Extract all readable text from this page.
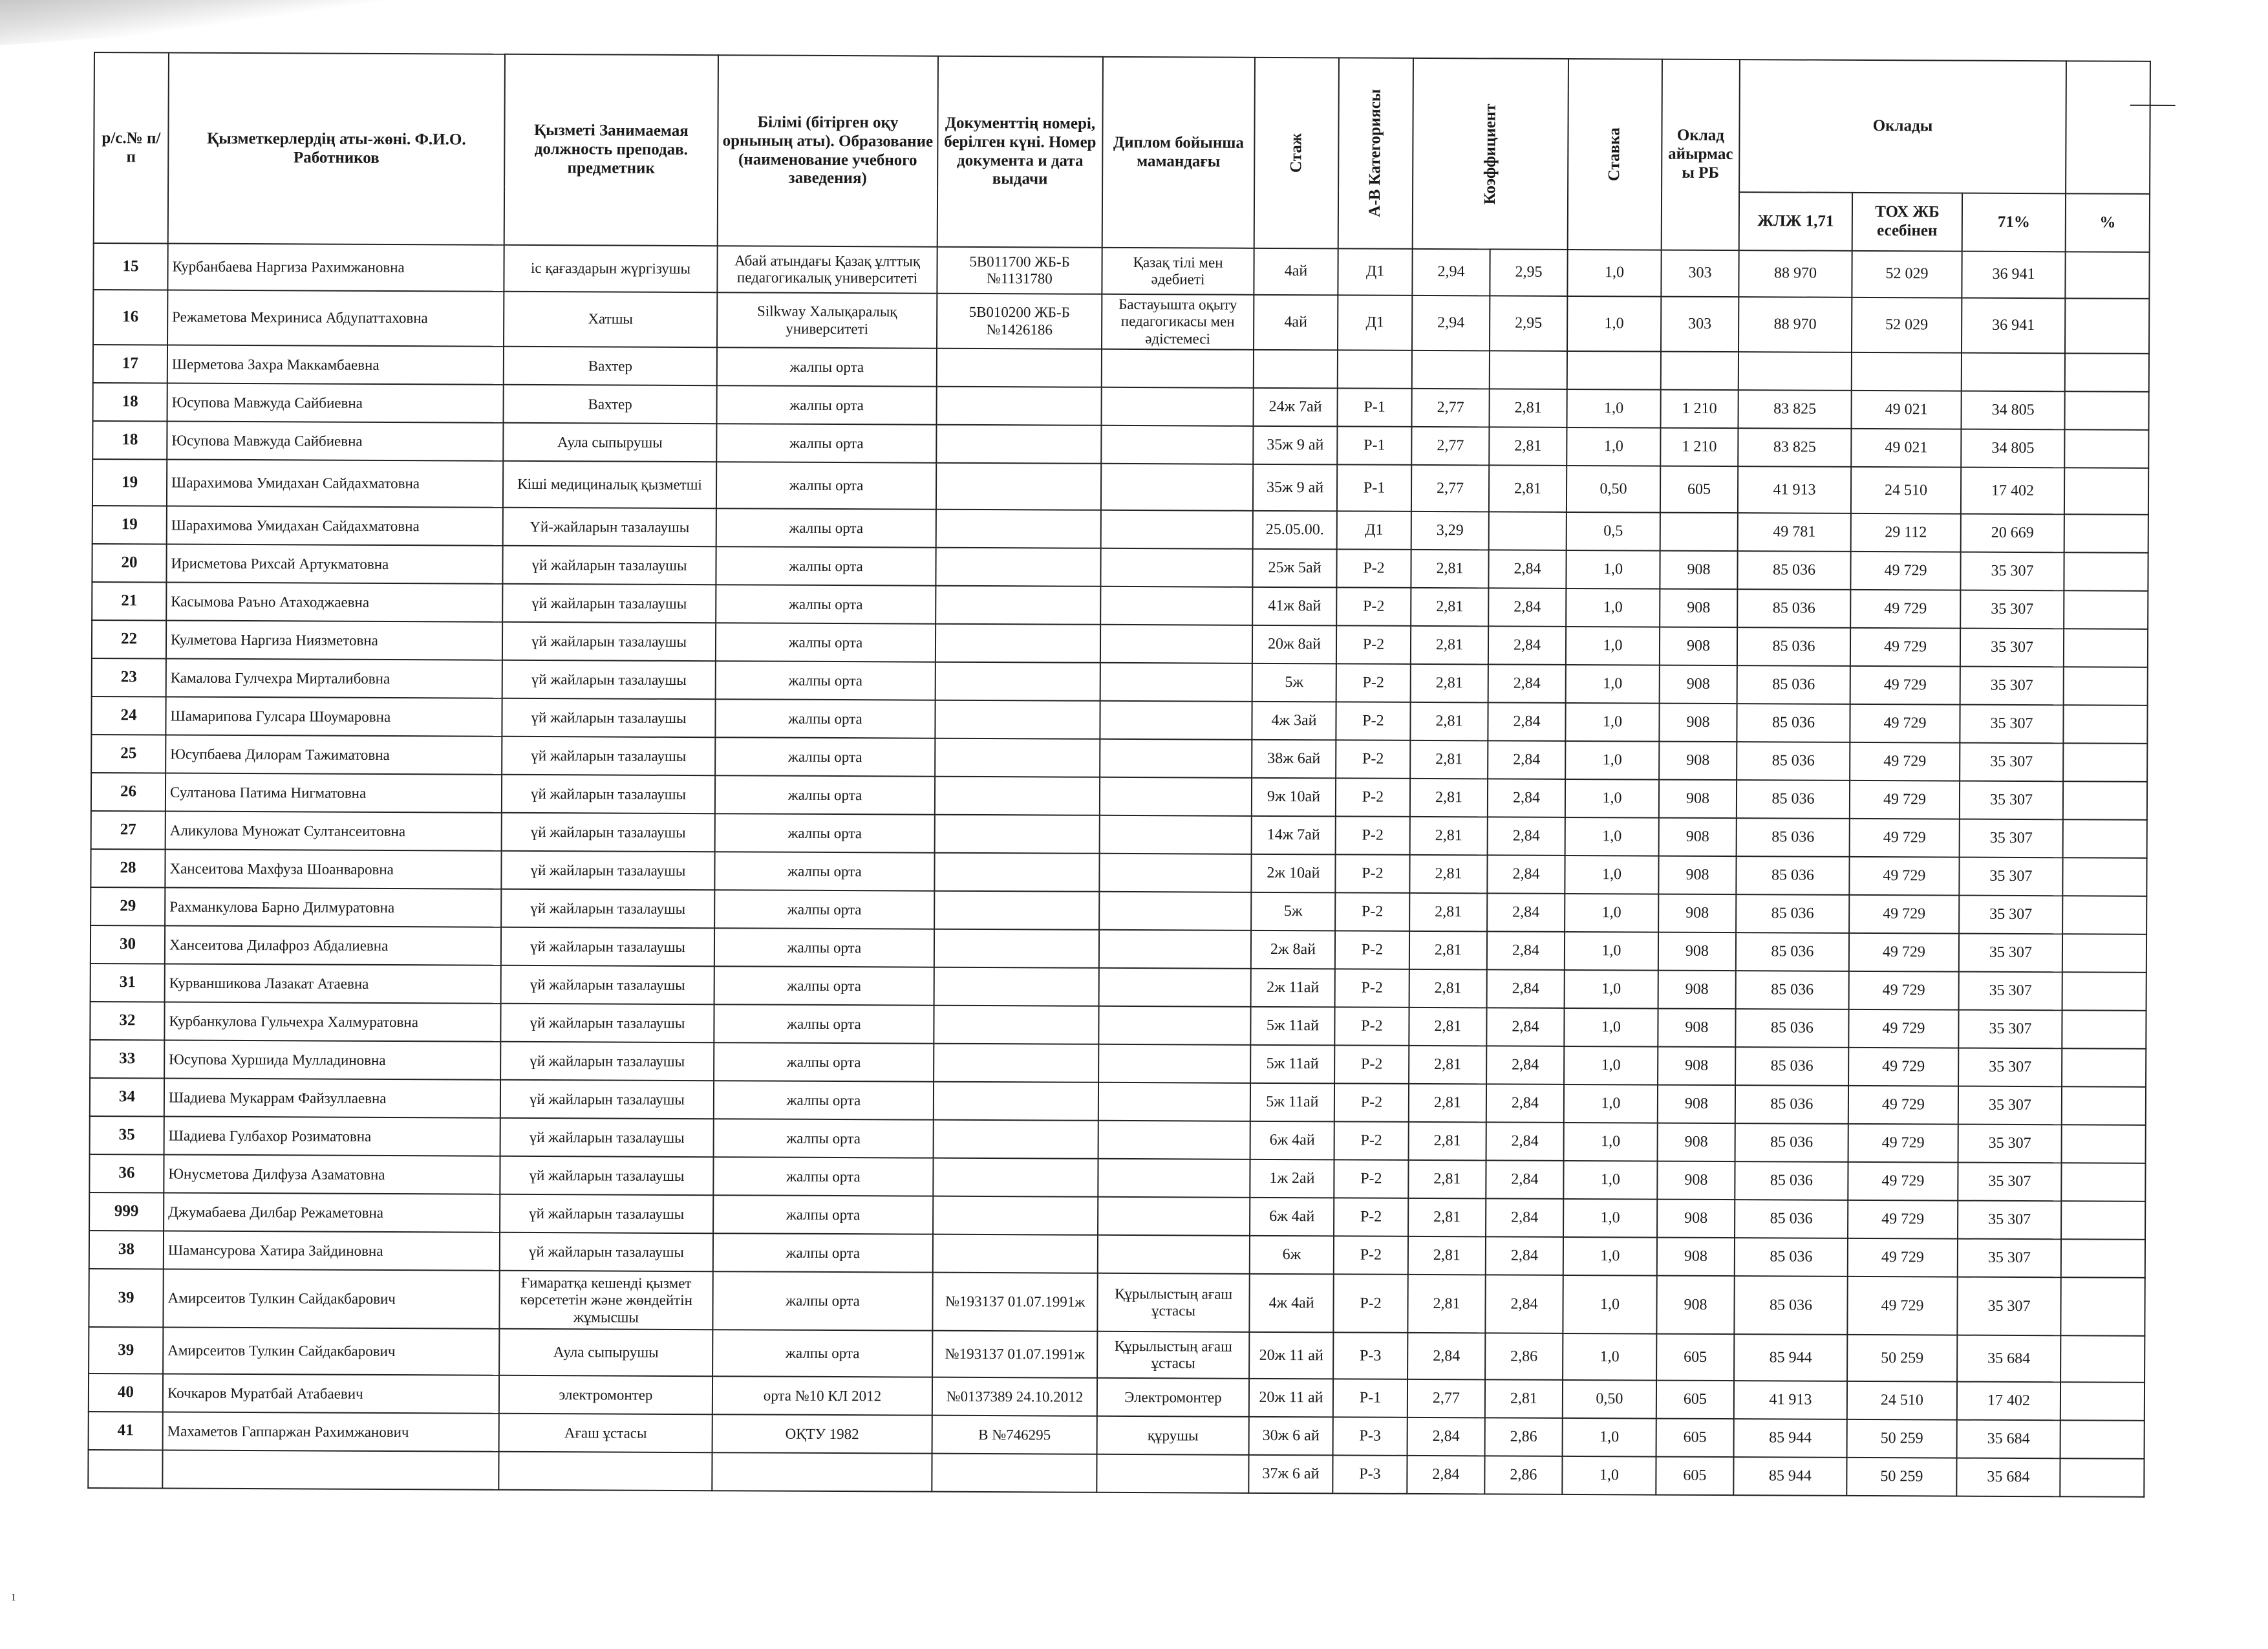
р/с.№ п/п	Қызметкерлердің аты-жөні. Ф.И.О. Работников	Қызметі Занимаемая должность преподав. предметник	Білімі (бітірген оқу орнының аты). Образование (наименование учебного заведения)	Документтің номері, берілген күні. Номер документа и дата выдачи	Диплом бойынша мамандағы	Стаж	А-В Категориясы	Коэффициент		Ставка	Оклад айырмасы РБ	Оклады			
												ЖЛЖ 1,71	ТОХ ЖБ есебінен	71%	%
15	Курбанбаева Наргиза Рахимжановна	іс қағаздарын жүргізушы	Абай атындағы Қазақ ұлттық педагогикалық университеті	5В011700 ЖБ-Б №1131780	Қазақ тілі мен әдебиеті	4ай	Д1	2,94	2,95	1,0	303	88 970	52 029	36 941	
16	Режаметова Мехриниса Абдупаттаховна	Хатшы	Silkway Халықаралық университеті	5В010200 ЖБ-Б №1426186	Бастауышта оқыту педагогикасы мен әдістемесі	4ай	Д1	2,94	2,95	1,0	303	88 970	52 029	36 941	
17	Шерметова Захра Маккамбаевна	Вахтер	жалпы орта												
18	Юсупова Мавжуда Сайбиевна	Вахтер	жалпы орта			24ж 7ай	Р-1	2,77	2,81	1,0	1 210	83 825	49 021	34 805	
18	Юсупова Мавжуда Сайбиевна	Аула сыпырушы	жалпы орта			35ж 9 ай	Р-1	2,77	2,81	1,0	1 210	83 825	49 021	34 805	
19	Шарахимова Умидахан Сайдахматовна	Кіші медициналық қызметші	жалпы орта			35ж 9 ай	Р-1	2,77	2,81	0,50	605	41 913	24 510	17 402	
19	Шарахимова Умидахан Сайдахматовна	Үй-жайларын тазалаушы	жалпы орта			25.05.00.	Д1	3,29		0,5		49 781	29 112	20 669	
20	Ирисметова Рихсай Артукматовна	үй жайларын тазалаушы	жалпы орта			25ж 5ай	Р-2	2,81	2,84	1,0	908	85 036	49 729	35 307	
21	Касымова Раъно Атаходжаевна	үй жайларын тазалаушы	жалпы орта			41ж 8ай	Р-2	2,81	2,84	1,0	908	85 036	49 729	35 307	
22	Кулметова Наргиза Ниязметовна	үй жайларын тазалаушы	жалпы орта			20ж 8ай	Р-2	2,81	2,84	1,0	908	85 036	49 729	35 307	
23	Камалова Гулчехра Мирталибовна	үй жайларын тазалаушы	жалпы орта			5ж	Р-2	2,81	2,84	1,0	908	85 036	49 729	35 307	
24	Шамарипова Гулсара Шоумаровна	үй жайларын тазалаушы	жалпы орта			4ж 3ай	Р-2	2,81	2,84	1,0	908	85 036	49 729	35 307	
25	Юсупбаева Дилорам Тажиматовна	үй жайларын тазалаушы	жалпы орта			38ж 6ай	Р-2	2,81	2,84	1,0	908	85 036	49 729	35 307	
26	Султанова Патима Нигматовна	үй жайларын тазалаушы	жалпы орта			9ж 10ай	Р-2	2,81	2,84	1,0	908	85 036	49 729	35 307	
27	Аликулова Муножат Султансеитовна	үй жайларын тазалаушы	жалпы орта			14ж 7ай	Р-2	2,81	2,84	1,0	908	85 036	49 729	35 307	
28	Хансеитова Махфуза Шоанваровна	үй жайларын тазалаушы	жалпы орта			2ж 10ай	Р-2	2,81	2,84	1,0	908	85 036	49 729	35 307	
29	Рахманкулова Барно Дилмуратовна	үй жайларын тазалаушы	жалпы орта			5ж	Р-2	2,81	2,84	1,0	908	85 036	49 729	35 307	
30	Хансеитова Дилафроз Абдалиевна	үй жайларын тазалаушы	жалпы орта			2ж 8ай	Р-2	2,81	2,84	1,0	908	85 036	49 729	35 307	
31	Курваншикова Лазакат Атаевна	үй жайларын тазалаушы	жалпы орта			2ж 11ай	Р-2	2,81	2,84	1,0	908	85 036	49 729	35 307	
32	Курбанкулова Гульчехра Халмуратовна	үй жайларын тазалаушы	жалпы орта			5ж 11ай	Р-2	2,81	2,84	1,0	908	85 036	49 729	35 307	
33	Юсупова Хуршида Мулладиновна	үй жайларын тазалаушы	жалпы орта			5ж 11ай	Р-2	2,81	2,84	1,0	908	85 036	49 729	35 307	
34	Шадиева Мукаррам Файзуллаевна	үй жайларын тазалаушы	жалпы орта			5ж 11ай	Р-2	2,81	2,84	1,0	908	85 036	49 729	35 307	
35	Шадиева Гулбахор Розиматовна	үй жайларын тазалаушы	жалпы орта			6ж 4ай	Р-2	2,81	2,84	1,0	908	85 036	49 729	35 307	
36	Юнусметова Дилфуза Азаматовна	үй жайларын тазалаушы	жалпы орта			1ж 2ай	Р-2	2,81	2,84	1,0	908	85 036	49 729	35 307	
999	Джумабаева Дилбар Режаметовна	үй жайларын тазалаушы	жалпы орта			6ж 4ай	Р-2	2,81	2,84	1,0	908	85 036	49 729	35 307	
38	Шамансурова Хатира Зайдиновна	үй жайларын тазалаушы	жалпы орта			6ж	Р-2	2,81	2,84	1,0	908	85 036	49 729	35 307	
39	Амирсеитов Тулкин Сайдакбарович	Ғимаратқа кешенді қызмет көрсететін және жөндейтін жұмысшы	жалпы орта	№193137 01.07.1991ж	Құрылыстың ағаш ұстасы	4ж 4ай	Р-2	2,81	2,84	1,0	908	85 036	49 729	35 307	
39	Амирсеитов Тулкин Сайдакбарович	Аула сыпырушы	жалпы орта	№193137 01.07.1991ж	Құрылыстың ағаш ұстасы	20ж 11 ай	Р-3	2,84	2,86	1,0	605	85 944	50 259	35 684	
40	Кочкаров Муратбай Атабаевич	электромонтер	орта №10 КЛ 2012	№0137389 24.10.2012	Электромонтер	20ж 11 ай	Р-1	2,77	2,81	0,50	605	41 913	24 510	17 402	
41	Махаметов Гаппаржан Рахимжанович	Ағаш ұстасы	ОҚТУ 1982	В №746295	құрушы	30ж 6 ай	Р-3	2,84	2,86	1,0	605	85 944	50 259	35 684	
						37ж 6 ай	Р-3	2,84	2,86	1,0	605	85 944	50 259	35 684	
ı
